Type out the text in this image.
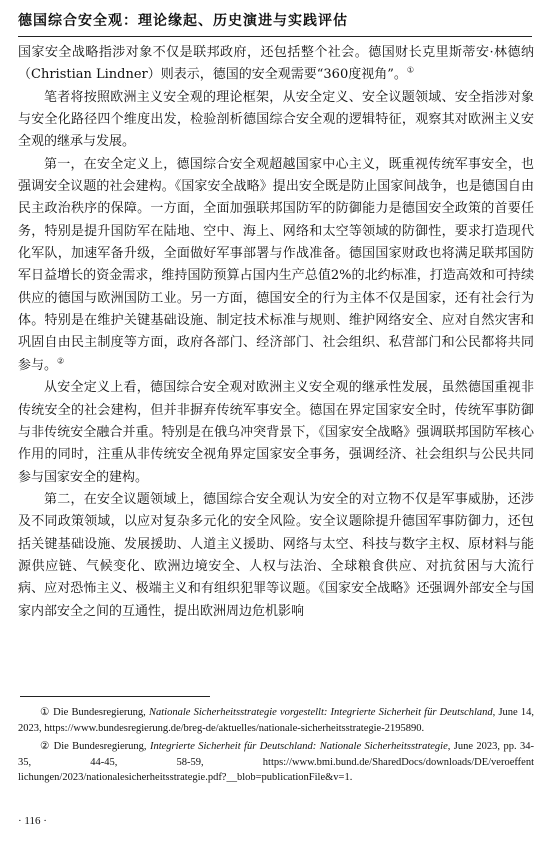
德国综合安全观：理论缘起、历史演进与实践评估

国家安全战略指涉对象不仅是联邦政府，还包括整个社会。德国财长克里斯蒂安·林德纳（Christian Lindner）则表示，德国的安全观需要“360度视角”。①

笔者将按照欧洲主义安全观的理论框架，从安全定义、安全议题领域、安全指涉对象与安全化路径四个维度出发，检验剖析德国综合安全观的逻辑特征，观察其对欧洲主义安全观的继承与发展。

第一，在安全定义上，德国综合安全观超越国家中心主义，既重视传统军事安全，也强调安全议题的社会建构。《国家安全战略》提出安全既是防止国家间战争，也是德国自由民主政治秩序的保障。一方面，全面加强联邦国防军的防御能力是德国安全政策的首要任务，特别是提升国防军在陆地、空中、海上、网络和太空等领域的防御性，要求打造现代化军队，加速军备升级，全面做好军事部署与作战准备。德国国家财政也将满足联邦国防军日益增长的资金需求，维持国防预算占国内生产总值2%的北约标准，打造高效和可持续供应的德国与欧洲国防工业。另一方面，德国安全的行为主体不仅是国家，还有社会行为体。特别是在维护关键基础设施、制定技术标准与规则、维护网络安全、应对自然灾害和巩固自由民主制度等方面，政府各部门、经济部门、社会组织、私营部门和公民都将共同参与。②

从安全定义上看，德国综合安全观对欧洲主义安全观的继承性发展，虽然德国重视非传统安全的社会建构，但并非摒弃传统军事安全。德国在界定国家安全时，传统军事防御与非传统安全融合并重。特别是在俄乌冲突背景下，《国家安全战略》强调联邦国防军核心作用的同时，注重从非传统安全视角界定国家安全事务，强调经济、社会组织与公民共同参与国家安全的建构。

第二，在安全议题领域上，德国综合安全观认为安全的对立物不仅是军事威胁，还涉及不同政策领域，以应对复杂多元化的安全风险。安全议题除提升德国军事防御力，还包括关键基础设施、发展援助、人道主义援助、网络与太空、科技与数字主权、原材料与能源供应链、气候变化、欧洲边境安全、人权与法治、全球粮食供应、对抗贫困与大流行病、应对恐怖主义、极端主义和有组织犯罪等议题。《国家安全战略》还强调外部安全与国家内部安全之间的互通性，提出欧洲周边危机影响

① Die Bundesregierung, Nationale Sicherheitsstrategie vorgestellt: Integrierte Sicherheit für Deutschland, June 14, 2023, https://www.bundesregierung.de/breg-de/aktuelles/nationale-sicherheitsstrategie-2195890.

② Die Bundesregierung, Integrierte Sicherheit für Deutschland: Nationale Sicherheitsstrategie, June 2023, pp. 34-35, 44-45, 58-59, https://www.bmi.bund.de/SharedDocs/downloads/DE/veroeffent lichungen/2023/nationalesicherheitsstrategie.pdf?__blob=publicationFile&v=1.

· 116 ·
